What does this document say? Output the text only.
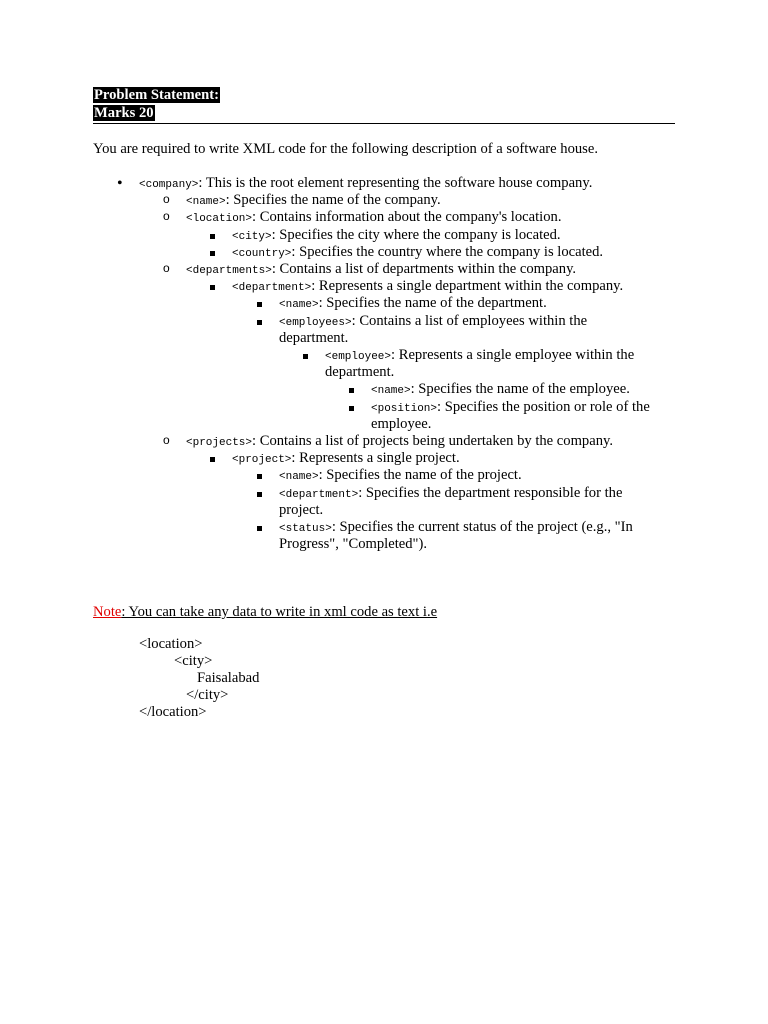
Problem Statement:
Marks 20
You are required to write XML code for the following description of a software house.
• <company>: This is the root element representing the software house company.
o <name>: Specifies the name of the company.
o <location>: Contains information about the company's location.
<city>: Specifies the city where the company is located.
<country>: Specifies the country where the company is located.
o <departments>: Contains a list of departments within the company.
<department>: Represents a single department within the company.
<name>: Specifies the name of the department.
<employees>: Contains a list of employees within the
department.
<employee>: Represents a single employee within the
department.
<name>: Specifies the name of the employee.
<position>: Specifies the position or role of the
employee.
o <projects>: Contains a list of projects being undertaken by the company.
<project>: Represents a single project.
<name>: Specifies the name of the project.
<department>: Specifies the department responsible for the
project.
<status>: Specifies the current status of the project (e.g., "In
Progress", "Completed").
Note: You can take any data to write in xml code as text i.e
<location>
<city>
Faisalabad
</city>
</location>
